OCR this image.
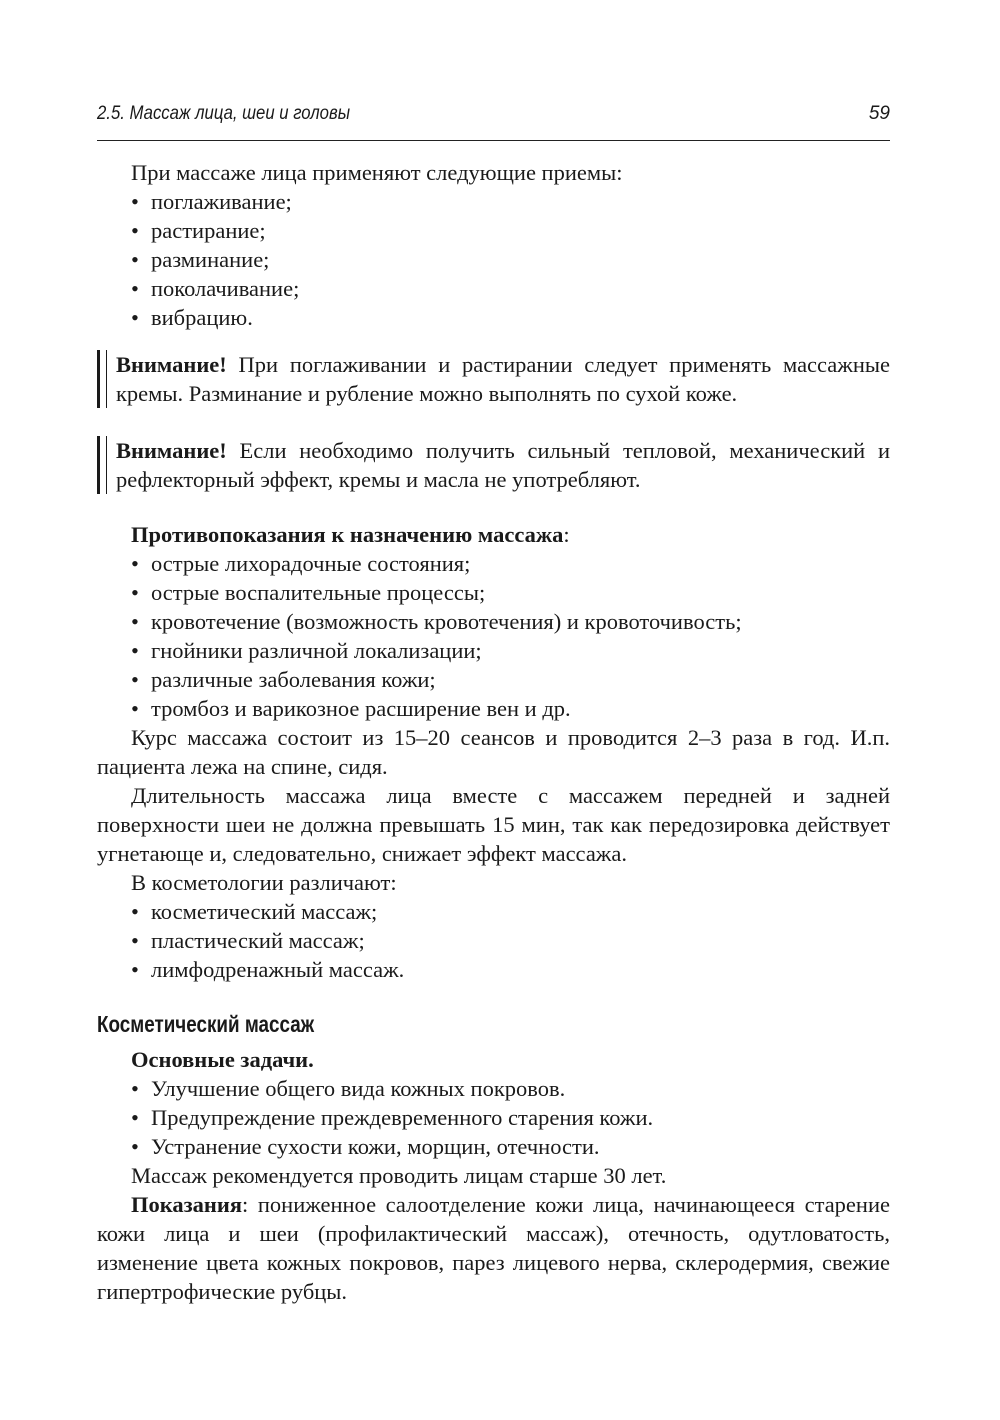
2.5. Массаж лица, шеи и головы	59

При массаже лица применяют следующие приемы:

• поглаживание;
• растирание;
• разминание;
• поколачивание;
• вибрацию.
Внимание! При поглаживании и растирании следует применять массажные кремы. Разминание и рубление можно выполнять по сухой коже.
Внимание! Если необходимо получить сильный тепловой, механический и рефлекторный эффект, кремы и масла не употребляют.

Противопоказания к назначению массажа:

• острые лихорадочные состояния;
• острые воспалительные процессы;
• кровотечение (возможность кровотечения) и кровоточивость;
• гнойники различной локализации;
• различные заболевания кожи;
• тромбоз и варикозное расширение вен и др.

Курс массажа состоит из 15–20 сеансов и проводится 2–3 раза в год. И.п. пациента лежа на спине, сидя.

Длительность массажа лица вместе с массажем передней и задней поверхности шеи не должна превышать 15 мин, так как передозировка действует угнетающе и, следовательно, снижает эффект массажа.

В косметологии различают:

• косметический массаж;
• пластический массаж;
• лимфодренажный массаж.
Косметический массаж

Основные задачи.

• Улучшение общего вида кожных покровов.
• Предупреждение преждевременного старения кожи.
• Устранение сухости кожи, морщин, отечности.

Массаж рекомендуется проводить лицам старше 30 лет.

Показания: пониженное салоотделение кожи лица, начинающееся старение кожи лица и шеи (профилактический массаж), отечность, одутловатость, изменение цвета кожных покровов, парез лицевого нерва, склеродермия, свежие гипертрофические рубцы.
